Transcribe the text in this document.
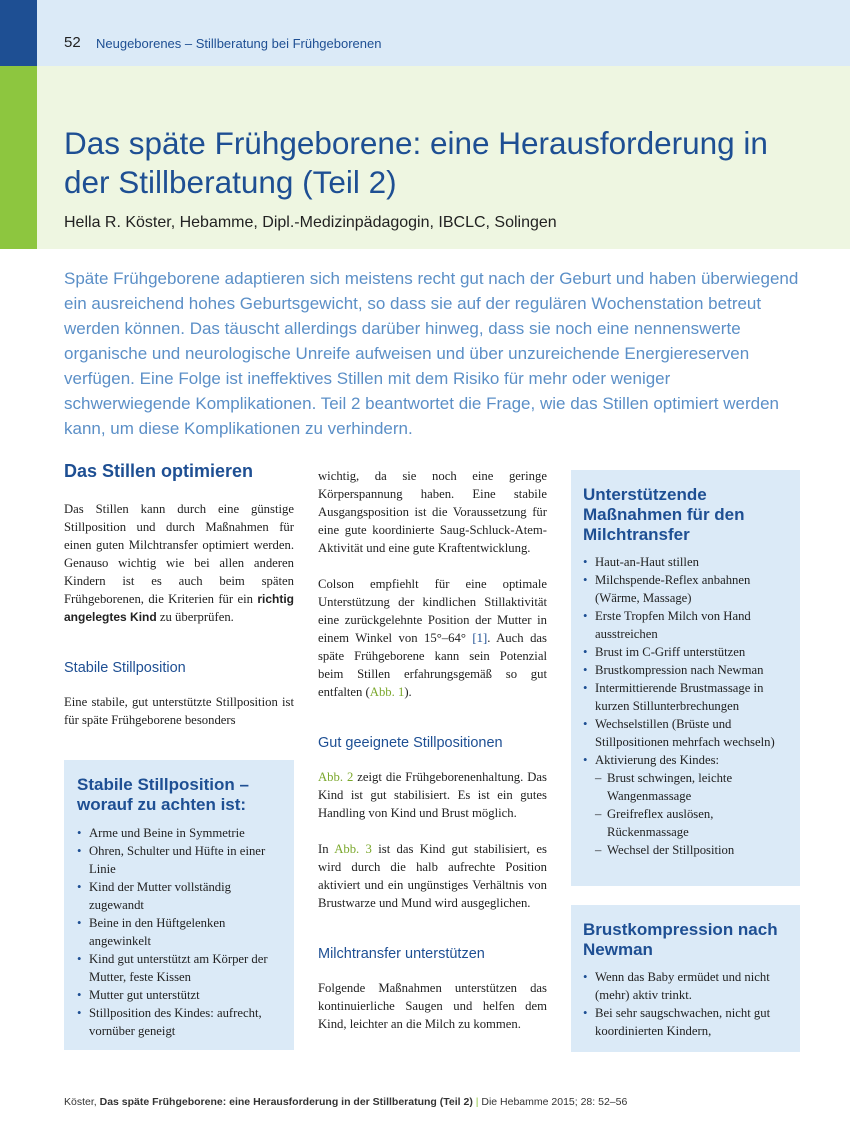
52 Neugeborenes – Stillberatung bei Frühgeborenen
Das späte Frühgeborene: eine Herausforderung in der Stillberatung (Teil 2)
Hella R. Köster, Hebamme, Dipl.-Medizinpädagogin, IBCLC, Solingen

Späte Frühgeborene adaptieren sich meistens recht gut nach der Geburt und haben überwiegend ein ausreichend hohes Geburtsgewicht, so dass sie auf der regulären Wochenstation betreut werden können. Das täuscht allerdings darüber hinweg, dass sie noch eine nennenswerte organische und neurologische Unreife aufweisen und über unzureichende Energiereserven verfügen. Eine Folge ist ineffektives Stillen mit dem Risiko für mehr oder weniger schwerwiegende Komplikationen. Teil 2 beantwortet die Frage, wie das Stillen optimiert werden kann, um diese Komplikationen zu verhindern.

Das Stillen optimieren

Das Stillen kann durch eine günstige Stillposition und durch Maßnahmen für einen guten Milchtransfer optimiert werden. Genauso wichtig wie bei allen anderen Kindern ist es auch beim späten Frühgeborenen, die Kriterien für ein richtig angelegtes Kind zu überprüfen.

Stabile Stillposition

Eine stabile, gut unterstützte Stillposition ist für späte Frühgeborene besonders

Stabile Stillposition – worauf zu achten ist:
• Arme und Beine in Symmetrie
• Ohren, Schulter und Hüfte in einer Linie
• Kind der Mutter vollständig zugewandt
• Beine in den Hüftgelenken angewinkelt
• Kind gut unterstützt am Körper der Mutter, feste Kissen
• Mutter gut unterstützt
• Stillposition des Kindes: aufrecht, vornüber geneigt

wichtig, da sie noch eine geringe Körperspannung haben. Eine stabile Ausgangsposition ist die Voraussetzung für eine gute koordinierte Saug-Schluck-Atem-Aktivität und eine gute Kraftentwicklung.

Colson empfiehlt für eine optimale Unterstützung der kindlichen Stillaktivität eine zurückgelehnte Position der Mutter in einem Winkel von 15°–64° [1]. Auch das späte Frühgeborene kann sein Potenzial beim Stillen erfahrungsgemäß so gut entfalten (Abb. 1).

Gut geeignete Stillpositionen

Abb. 2 zeigt die Frühgeborenenhaltung. Das Kind ist gut stabilisiert. Es ist ein gutes Handling von Kind und Brust möglich.

In Abb. 3 ist das Kind gut stabilisiert, es wird durch die halb aufrechte Position aktiviert und ein ungünstiges Verhältnis von Brustwarze und Mund wird ausgeglichen.

Milchtransfer unterstützen

Folgende Maßnahmen unterstützen das kontinuierliche Saugen und helfen dem Kind, leichter an die Milch zu kommen.

Unterstützende Maßnahmen für den Milchtransfer
• Haut-an-Haut stillen
• Milchspende-Reflex anbahnen (Wärme, Massage)
• Erste Tropfen Milch von Hand ausstreichen
• Brust im C-Griff unterstützen
• Brustkompression nach Newman
• Intermittierende Brustmassage in kurzen Stillunterbrechungen
• Wechselstillen (Brüste und Stillpositionen mehrfach wechseln)
• Aktivierung des Kindes:
– Brust schwingen, leichte Wangenmassage
– Greifreflex auslösen, Rückenmassage
– Wechsel der Stillposition
Brustkompression nach Newman
• Wenn das Baby ermüdet und nicht (mehr) aktiv trinkt.
• Bei sehr saugschwachen, nicht gut koordinierten Kindern,
Köster, Das späte Frühgeborene: eine Herausforderung in der Stillberatung (Teil 2) | Die Hebamme 2015; 28: 52–56
